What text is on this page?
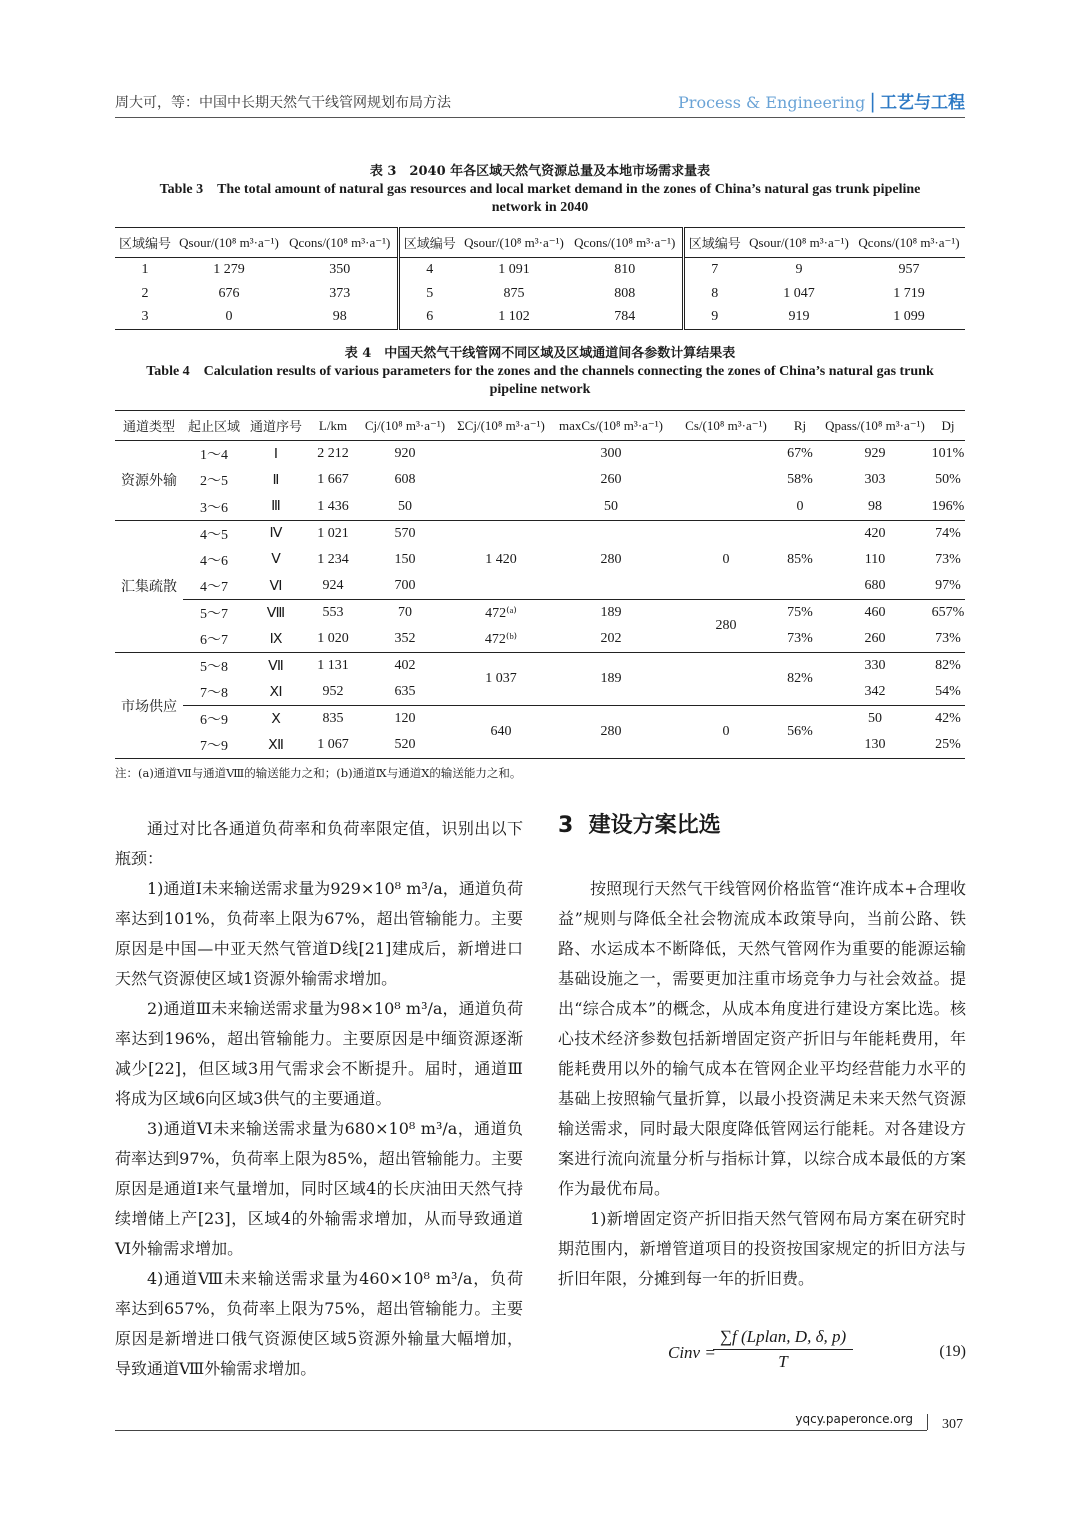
周大可，等：中国中长期天然气干线管网规划布局方法	Process & Engineering | 工艺与工程
表 3　2040 年各区域天然气资源总量及本地市场需求量表
Table 3　The total amount of natural gas resources and local market demand in the zones of China’s natural gas trunk pipeline
network in 2040
区域编号	Qsour/(10⁸ m³·a⁻¹)	Qcons/(10⁸ m³·a⁻¹)	区域编号	Qsour/(10⁸ m³·a⁻¹)	Qcons/(10⁸ m³·a⁻¹)	区域编号	Qsour/(10⁸ m³·a⁻¹)	Qcons/(10⁸ m³·a⁻¹)
1	1 279	350	4	1 091	810	7	9	957
2	676	373	5	875	808	8	1 047	1 719
3	0	98	6	1 102	784	9	919	1 099
表 4　中国天然气干线管网不同区域及区域通道间各参数计算结果表
Table 4　Calculation results of various parameters for the zones and the channels connecting the zones of China’s natural gas trunk
pipeline network
通道类型	起止区域	通道序号	L/km	Cj/(10⁸ m³·a⁻¹)	ΣCj/(10⁸ m³·a⁻¹)	maxCs/(10⁸ m³·a⁻¹)	Cs/(10⁸ m³·a⁻¹)	Rj	Qpass/(10⁸ m³·a⁻¹)	Dj
资源外输	1～4	Ⅰ	2 212	920		300		67%	929	101%
	2～5	Ⅱ	1 667	608		260		58%	303	50%
	3～6	Ⅲ	1 436	50		50		0	98	196%
汇集疏散	4～5	Ⅳ	1 021	570	1 420	280	0	85%	420	74%
	4～6	Ⅴ	1 234	150					110	73%
	4～7	Ⅵ	924	700					680	97%
	5～7	Ⅷ	553	70	472⁽ᵃ⁾	189	280	75%	460	657%
	6～7	Ⅸ	1 020	352	472⁽ᵇ⁾	202		73%	260	73%
市场供应	5～8	Ⅶ	1 131	402	1 037	189		82%	330	82%
	7～8	Ⅺ	952	635					342	54%
	6～9	Ⅹ	835	120	640	280	0	56%	50	42%
	7～9	Ⅻ	1 067	520					130	25%
注：(a)通道Ⅶ与通道Ⅷ的输送能力之和；(b)通道Ⅸ与通道Ⅹ的输送能力之和。

通过对比各通道负荷率和负荷率限定值，识别出以下瓶颈：

1)通道Ⅰ未来输送需求量为929×10⁸ m³/a，通道负荷率达到101%，负荷率上限为67%，超出管输能力。主要原因是中国—中亚天然气管道D线[21]建成后，新增进口天然气资源使区域1资源外输需求增加。

2)通道Ⅲ未来输送需求量为98×10⁸ m³/a，通道负荷率达到196%，超出管输能力。主要原因是中缅资源逐渐减少[22]，但区域3用气需求会不断提升。届时，通道Ⅲ将成为区域6向区域3供气的主要通道。

3)通道Ⅵ未来输送需求量为680×10⁸ m³/a，通道负荷率达到97%，负荷率上限为85%，超出管输能力。主要原因是通道Ⅰ来气量增加，同时区域4的长庆油田天然气持续增储上产[23]，区域4的外输需求增加，从而导致通道Ⅵ外输需求增加。

4)通道Ⅷ未来输送需求量为460×10⁸ m³/a，负荷率达到657%，负荷率上限为75%，超出管输能力。主要原因是新增进口俄气资源使区域5资源外输量大幅增加，导致通道Ⅷ外输需求增加。

3 建设方案比选

按照现行天然气干线管网价格监管“准许成本+合理收益”规则与降低全社会物流成本政策导向，当前公路、铁路、水运成本不断降低，天然气管网作为重要的能源运输基础设施之一，需要更加注重市场竞争力与社会效益。提出“综合成本”的概念，从成本角度进行建设方案比选。核心技术经济参数包括新增固定资产折旧与年能耗费用，年能耗费用以外的输气成本在管网企业平均经营能力水平的基础上按照输气量折算，以最小投资满足未来天然气资源输送需求，同时最大限度降低管网运行能耗。对各建设方案进行流向流量分析与指标计算，以综合成本最低的方案作为最优布局。

1)新增固定资产折旧指天然气管网布局方案在研究时期范围内，新增管道项目的投资按国家规定的折旧方法与折旧年限，分摊到每一年的折旧费。

Cinv =
∑f (Lplan, D, δ, p)
T
(19)
yqcy.paperonce.org 307
